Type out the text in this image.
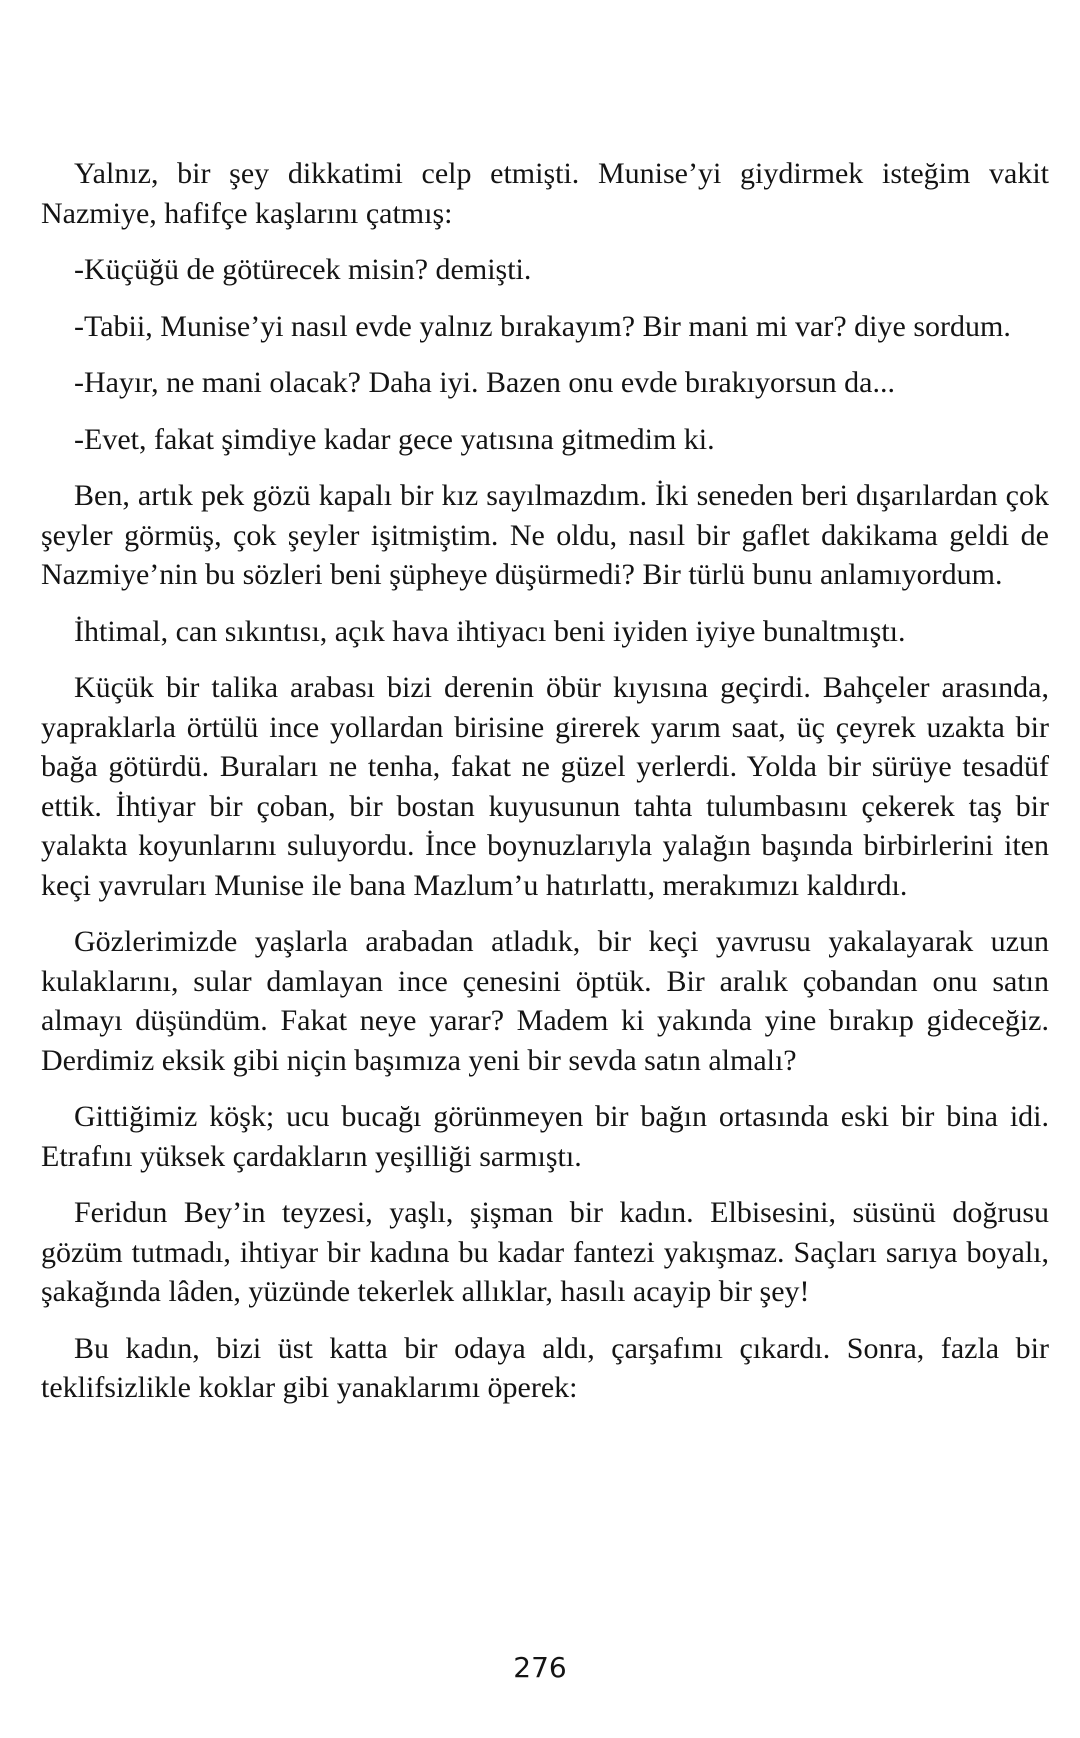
Yalnız, bir şey dikkatimi celp etmişti. Munise’yi giydirmek isteğim vakit Nazmiye, hafifçe kaşlarını çatmış:

-Küçüğü de götürecek misin? demişti.

-Tabii, Munise’yi nasıl evde yalnız bırakayım? Bir mani mi var? diye sordum.

-Hayır, ne mani olacak? Daha iyi. Bazen onu evde bırakıyorsun da...

-Evet, fakat şimdiye kadar gece yatısına gitmedim ki.

Ben, artık pek gözü kapalı bir kız sayılmazdım. İki seneden beri dışarılardan çok şeyler görmüş, çok şeyler işitmiştim. Ne oldu, nasıl bir gaflet dakikama geldi de Nazmiye’nin bu sözleri beni şüpheye düşürmedi? Bir türlü bunu anlamıyordum.

İhtimal, can sıkıntısı, açık hava ihtiyacı beni iyiden iyiye bunaltmıştı.

Küçük bir talika arabası bizi derenin öbür kıyısına geçirdi. Bahçeler arasında, yapraklarla örtülü ince yollardan birisine girerek yarım saat, üç çeyrek uzakta bir bağa götürdü. Buraları ne tenha, fakat ne güzel yerlerdi. Yolda bir sürüye tesadüf ettik. İhtiyar bir çoban, bir bostan kuyusunun tahta tulumbasını çekerek taş bir yalakta koyunlarını suluyordu. İnce boynuzlarıyla yalağın başında birbirlerini iten keçi yavruları Munise ile bana Mazlum’u hatırlattı, merakımızı kaldırdı.

Gözlerimizde yaşlarla arabadan atladık, bir keçi yavrusu yakalayarak uzun kulaklarını, sular damlayan ince çenesini öptük. Bir aralık çobandan onu satın almayı düşündüm. Fakat neye yarar? Madem ki yakında yine bırakıp gideceğiz. Derdimiz eksik gibi niçin başımıza yeni bir sevda satın almalı?

Gittiğimiz köşk; ucu bucağı görünmeyen bir bağın ortasında eski bir bina idi. Etrafını yüksek çardakların yeşilliği sarmıştı.

Feridun Bey’in teyzesi, yaşlı, şişman bir kadın. Elbisesini, süsünü doğrusu gözüm tutmadı, ihtiyar bir kadına bu kadar fantezi yakışmaz. Saçları sarıya boyalı, şakağında lâden, yüzünde tekerlek allıklar, hasılı acayip bir şey!

Bu kadın, bizi üst katta bir odaya aldı, çarşafımı çıkardı. Sonra, fazla bir teklifsizlikle koklar gibi yanaklarımı öperek:

276
